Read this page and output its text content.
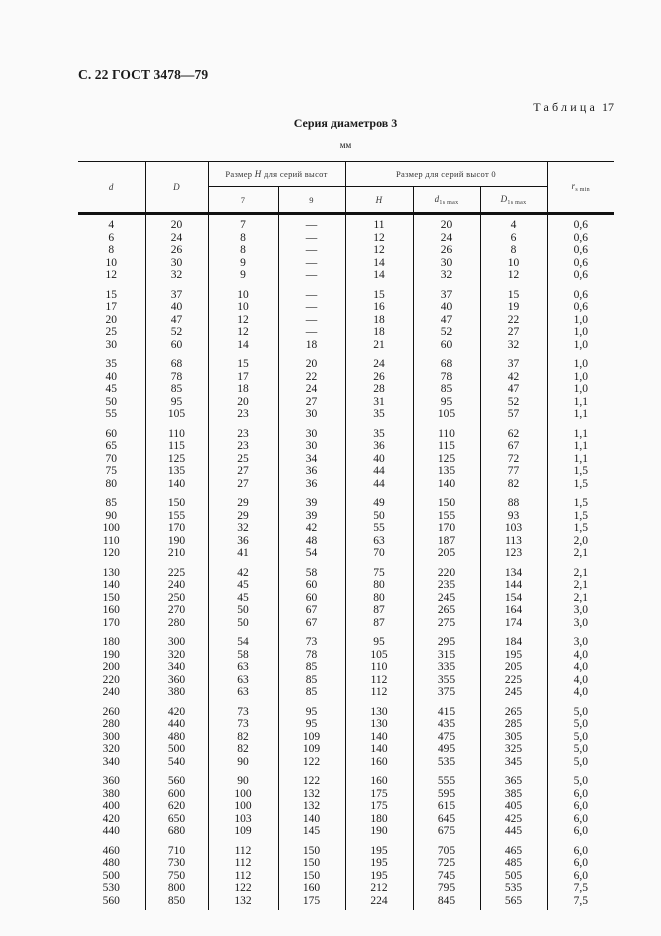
С. 22 ГОСТ 3478—79
Таблица 17
Серия диаметров 3
мм
d	D	Размер H для серий высот		Размер для серий высот 0			$r_{s min}$
		7	9	H	$d_{1s max}$	$D_{1s max}$
4	20	7	—	11	20	4	0,6
6	24	8	—	12	24	6	0,6
8	26	8	—	12	26	8	0,6
10	30	9	—	14	30	10	0,6
12	32	9	—	14	32	12	0,6
15	37	10	—	15	37	15	0,6
17	40	10	—	16	40	19	0,6
20	47	12	—	18	47	22	1,0
25	52	12	—	18	52	27	1,0
30	60	14	18	21	60	32	1,0
35	68	15	20	24	68	37	1,0
40	78	17	22	26	78	42	1,0
45	85	18	24	28	85	47	1,0
50	95	20	27	31	95	52	1,1
55	105	23	30	35	105	57	1,1
60	110	23	30	35	110	62	1,1
65	115	23	30	36	115	67	1,1
70	125	25	34	40	125	72	1,1
75	135	27	36	44	135	77	1,5
80	140	27	36	44	140	82	1,5
85	150	29	39	49	150	88	1,5
90	155	29	39	50	155	93	1,5
100	170	32	42	55	170	103	1,5
110	190	36	48	63	187	113	2,0
120	210	41	54	70	205	123	2,1
130	225	42	58	75	220	134	2,1
140	240	45	60	80	235	144	2,1
150	250	45	60	80	245	154	2,1
160	270	50	67	87	265	164	3,0
170	280	50	67	87	275	174	3,0
180	300	54	73	95	295	184	3,0
190	320	58	78	105	315	195	4,0
200	340	63	85	110	335	205	4,0
220	360	63	85	112	355	225	4,0
240	380	63	85	112	375	245	4,0
260	420	73	95	130	415	265	5,0
280	440	73	95	130	435	285	5,0
300	480	82	109	140	475	305	5,0
320	500	82	109	140	495	325	5,0
340	540	90	122	160	535	345	5,0
360	560	90	122	160	555	365	5,0
380	600	100	132	175	595	385	6,0
400	620	100	132	175	615	405	6,0
420	650	103	140	180	645	425	6,0
440	680	109	145	190	675	445	6,0
460	710	112	150	195	705	465	6,0
480	730	112	150	195	725	485	6,0
500	750	112	150	195	745	505	6,0
530	800	122	160	212	795	535	7,5
560	850	132	175	224	845	565	7,5
